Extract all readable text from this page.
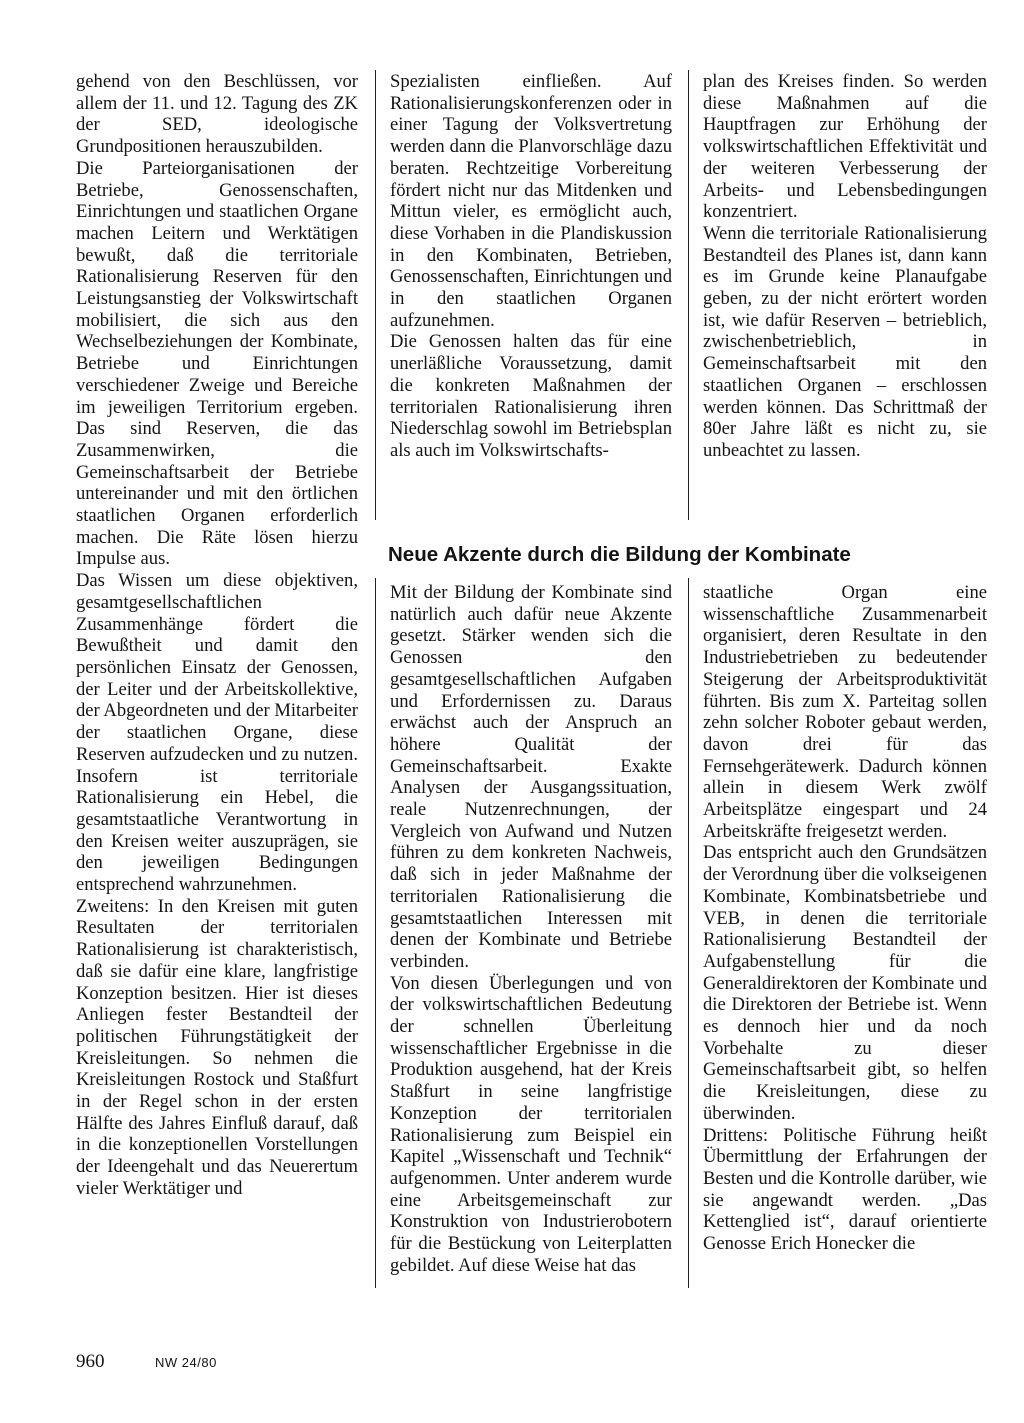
gehend von den Beschlüssen, vor allem der 11. und 12. Tagung des ZK der SED, ideologische Grundpositionen herauszubilden.

Die Parteiorganisationen der Betriebe, Genossenschaften, Einrichtungen und staatlichen Organe machen Leitern und Werktätigen bewußt, daß die territoriale Rationalisierung Reserven für den Leistungsanstieg der Volkswirtschaft mobilisiert, die sich aus den Wechselbeziehungen der Kombinate, Betriebe und Einrichtungen verschiedener Zweige und Bereiche im jeweiligen Territorium ergeben. Das sind Reserven, die das Zusammenwirken, die Gemeinschaftsarbeit der Betriebe untereinander und mit den örtlichen staatlichen Organen erforderlich machen. Die Räte lösen hierzu Impulse aus.

Das Wissen um diese objektiven, gesamtgesellschaftlichen Zusammenhänge fördert die Bewußtheit und damit den persönlichen Einsatz der Genossen, der Leiter und der Arbeitskollektive, der Abgeordneten und der Mitarbeiter der staatlichen Organe, diese Reserven aufzudecken und zu nutzen. Insofern ist territoriale Rationalisierung ein Hebel, die gesamtstaatliche Verantwortung in den Kreisen weiter auszuprägen, sie den jeweiligen Bedingungen entsprechend wahrzunehmen.

Zweitens: In den Kreisen mit guten Resultaten der territorialen Rationalisierung ist charakteristisch, daß sie dafür eine klare, langfristige Konzeption besitzen. Hier ist dieses Anliegen fester Bestandteil der politischen Führungstätigkeit der Kreisleitungen. So nehmen die Kreisleitungen Rostock und Staßfurt in der Regel schon in der ersten Hälfte des Jahres Einfluß darauf, daß in die konzeptionellen Vorstellungen der Ideengehalt und das Neuerertum vieler Werktätiger und

Spezialisten einfließen. Auf Rationalisierungskonferenzen oder in einer Tagung der Volksvertretung werden dann die Planvorschläge dazu beraten. Rechtzeitige Vorbereitung fördert nicht nur das Mitdenken und Mittun vieler, es ermöglicht auch, diese Vorhaben in die Plandiskussion in den Kombinaten, Betrieben, Genossenschaften, Einrichtungen und in den staatlichen Organen aufzunehmen.

Die Genossen halten das für eine unerläßliche Voraussetzung, damit die konkreten Maßnahmen der territorialen Rationalisierung ihren Niederschlag sowohl im Betriebsplan als auch im Volkswirtschafts-

plan des Kreises finden. So werden diese Maßnahmen auf die Hauptfragen zur Erhöhung der volkswirtschaftlichen Effektivität und der weiteren Verbesserung der Arbeits- und Lebensbedingungen konzentriert.

Wenn die territoriale Rationalisierung Bestandteil des Planes ist, dann kann es im Grunde keine Planaufgabe geben, zu der nicht erörtert worden ist, wie dafür Reserven – betrieblich, zwischenbetrieblich, in Gemeinschaftsarbeit mit den staatlichen Organen – erschlossen werden können. Das Schrittmaß der 80er Jahre läßt es nicht zu, sie unbeachtet zu lassen.

Neue Akzente durch die Bildung der Kombinate

Mit der Bildung der Kombinate sind natürlich auch dafür neue Akzente gesetzt. Stärker wenden sich die Genossen den gesamtgesellschaftlichen Aufgaben und Erfordernissen zu. Daraus erwächst auch der Anspruch an höhere Qualität der Gemeinschaftsarbeit. Exakte Analysen der Ausgangssituation, reale Nutzenrechnungen, der Vergleich von Aufwand und Nutzen führen zu dem konkreten Nachweis, daß sich in jeder Maßnahme der territorialen Rationalisierung die gesamtstaatlichen Interessen mit denen der Kombinate und Betriebe verbinden.

Von diesen Überlegungen und von der volkswirtschaftlichen Bedeutung der schnellen Überleitung wissenschaftlicher Ergebnisse in die Produktion ausgehend, hat der Kreis Staßfurt in seine langfristige Konzeption der territorialen Rationalisierung zum Beispiel ein Kapitel „Wissenschaft und Technik“ aufgenommen. Unter anderem wurde eine Arbeitsgemeinschaft zur Konstruktion von Industrierobotern für die Bestückung von Leiterplatten gebildet. Auf diese Weise hat das

staatliche Organ eine wissenschaftliche Zusammenarbeit organisiert, deren Resultate in den Industriebetrieben zu bedeutender Steigerung der Arbeitsproduktivität führten. Bis zum X. Parteitag sollen zehn solcher Roboter gebaut werden, davon drei für das Fernsehgerätewerk. Dadurch können allein in diesem Werk zwölf Arbeitsplätze eingespart und 24 Arbeitskräfte freigesetzt werden.

Das entspricht auch den Grundsätzen der Verordnung über die volkseigenen Kombinate, Kombinatsbetriebe und VEB, in denen die territoriale Rationalisierung Bestandteil der Aufgabenstellung für die Generaldirektoren der Kombinate und die Direktoren der Betriebe ist. Wenn es dennoch hier und da noch Vorbehalte zu dieser Gemeinschaftsarbeit gibt, so helfen die Kreisleitungen, diese zu überwinden.

Drittens: Politische Führung heißt Übermittlung der Erfahrungen der Besten und die Kontrolle darüber, wie sie angewandt werden. „Das Kettenglied ist“, darauf orientierte Genosse Erich Honecker die

960	NW 24/80
